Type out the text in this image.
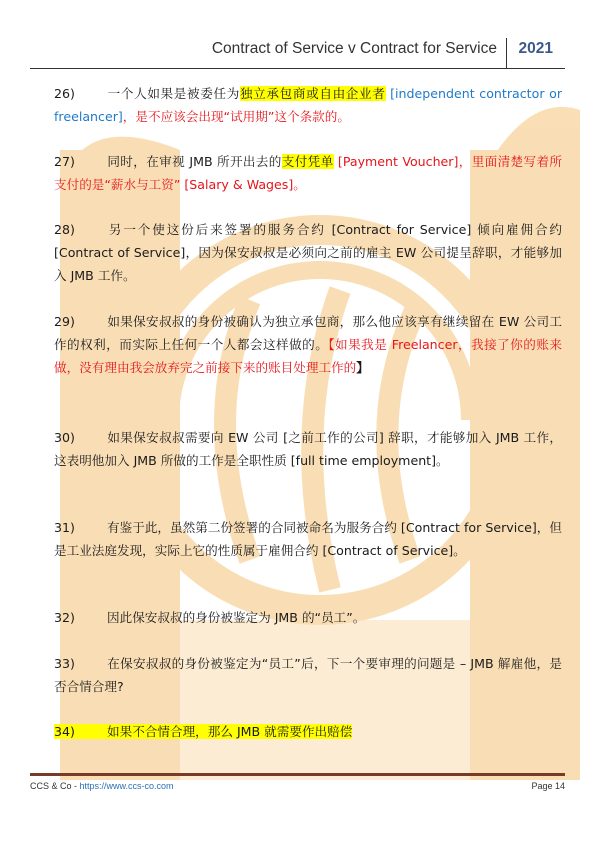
Contract of Service v Contract for Service 2021
26)	一个人如果是被委任为独立承包商或自由企业者 [independent contractor or freelancer]，是不应该会出现“试用期”这个条款的。
27)	同时，在审视 JMB 所开出去的支付凭单 [Payment Voucher]，里面清楚写着所支付的是“薪水与工资” [Salary & Wages]。
28)	另一个使这份后来签署的服务合约 [Contract for Service] 倾向雇佣合约 [Contract of Service]，因为保安叔叔是必须向之前的雇主 EW 公司提呈辞职，才能够加入 JMB 工作。
29)	如果保安叔叔的身份被确认为独立承包商，那么他应该享有继续留在 EW 公司工作的权利，而实际上任何一个人都会这样做的。【如果我是 Freelancer，我接了你的账来做，没有理由我会放弃完之前接下来的账目处理工作的】
30)	如果保安叔叔需要向 EW 公司 [之前工作的公司] 辞职，才能够加入 JMB 工作，这表明他加入 JMB 所做的工作是全职性质 [full time employment]。
31)	有鉴于此，虽然第二份签署的合同被命名为服务合约 [Contract for Service]，但是工业法庭发现，实际上它的性质属于雇佣合约 [Contract of Service]。
32)	因此保安叔叔的身份被鉴定为 JMB 的“员工”。
33)	在保安叔叔的身份被鉴定为“员工”后，下一个要审理的问题是 – JMB 解雇他，是否合情合理?
34)	如果不合情合理，那么 JMB 就需要作出赔偿
CCS & Co - https://www.ccs-co.com	Page 14
